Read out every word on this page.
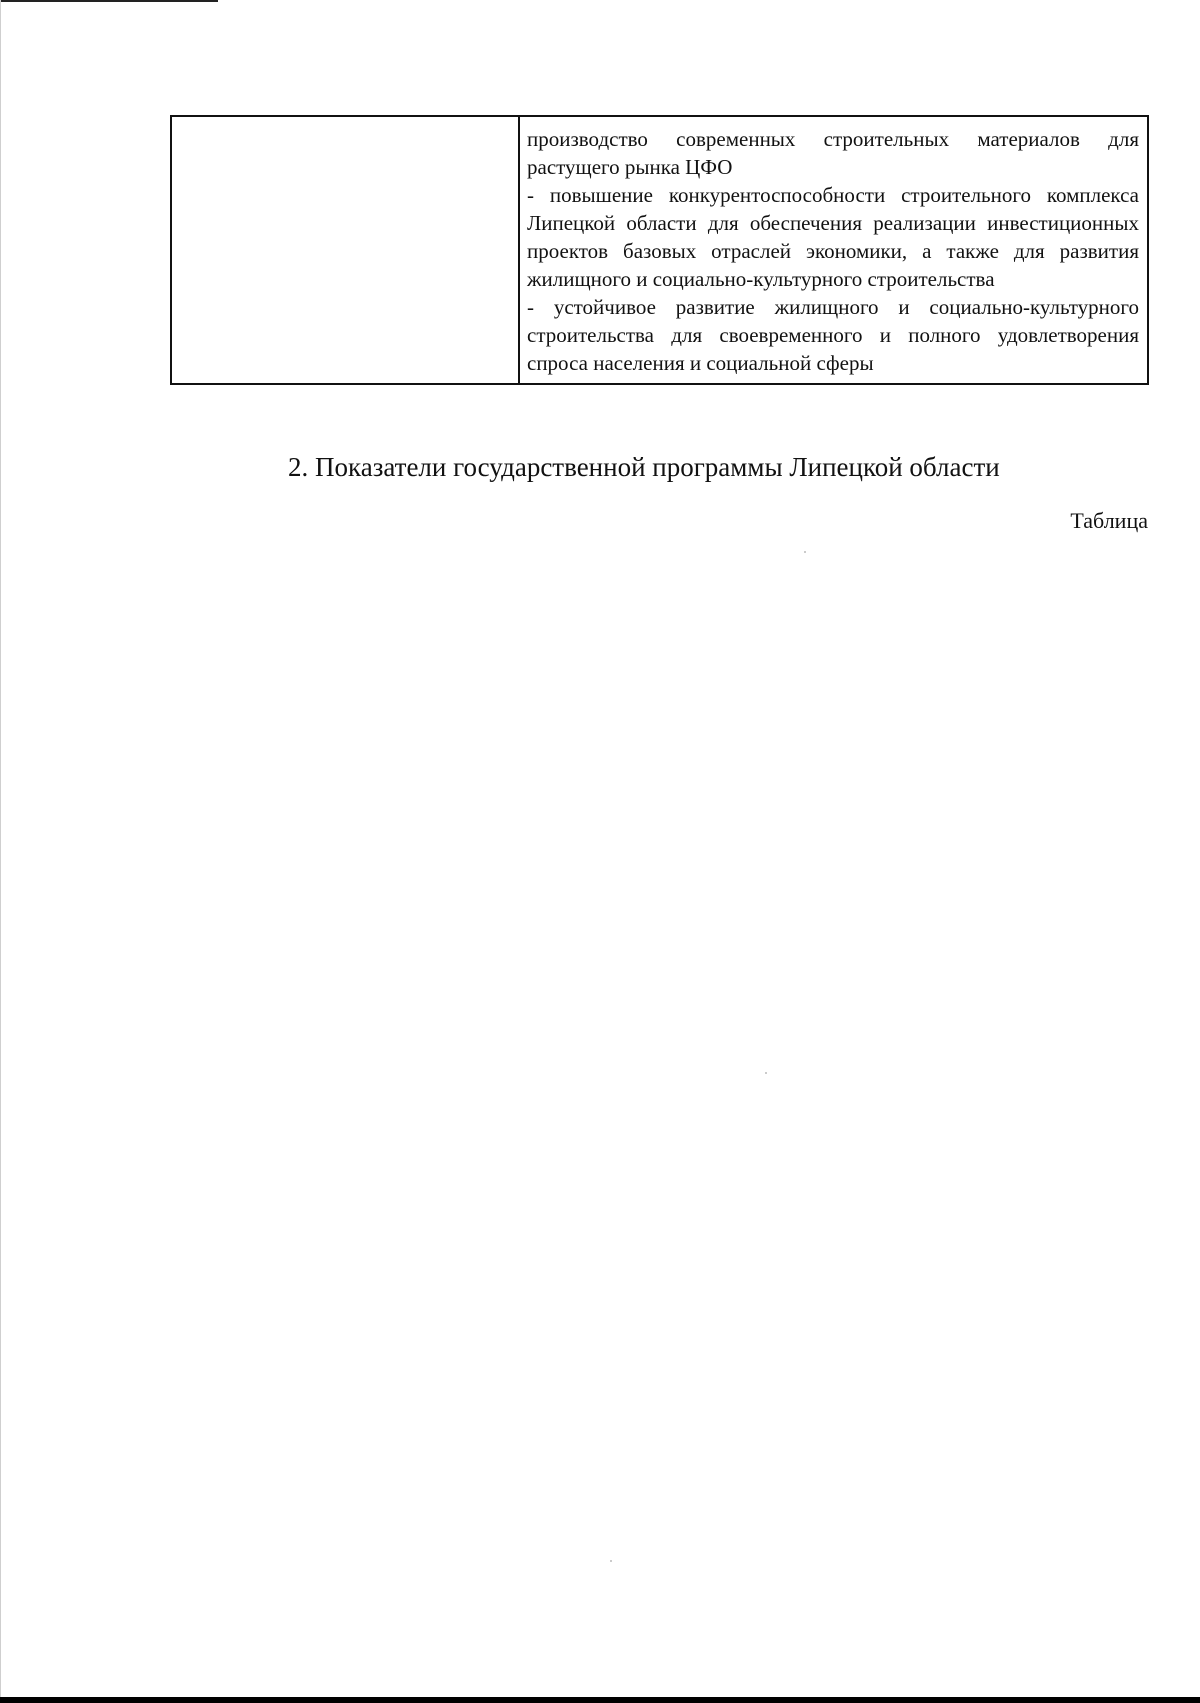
производство современных строительных материалов для растущего рынка ЦФО

- повышение конкурентоспособности строительного комплекса Липецкой области для обеспечения реализации инвестиционных проектов базовых отраслей экономики, а также для развития жилищного и социально-культурного строительства

- устойчивое развитие жилищного и социально-культурного строительства для своевременного и полного удовлетворения спроса населения и социальной сферы

2. Показатели государственной программы Липецкой области

Таблица
